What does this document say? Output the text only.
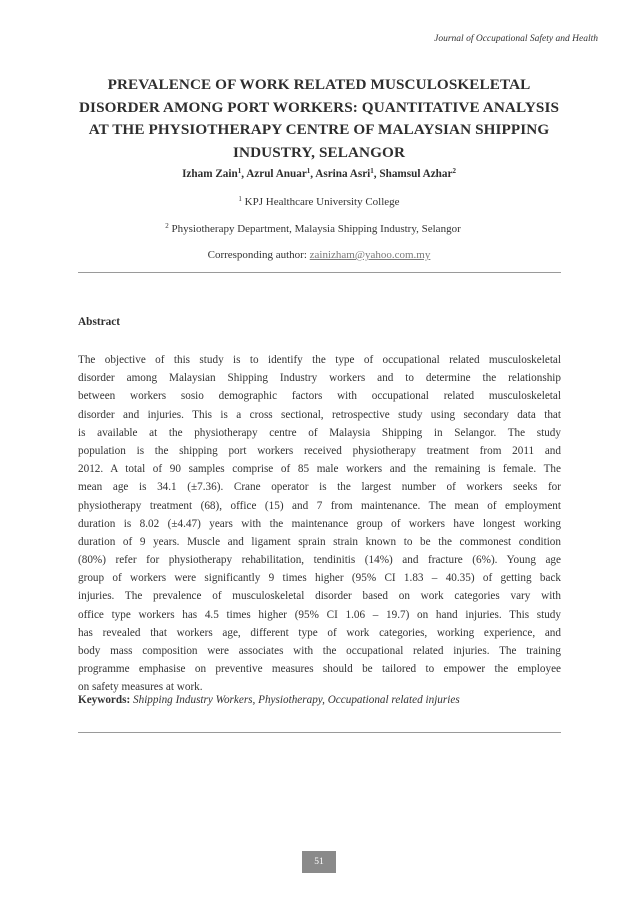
Journal of Occupational Safety and Health
PREVALENCE OF WORK RELATED MUSCULOSKELETAL
DISORDER AMONG PORT WORKERS: QUANTITATIVE ANALYSIS
AT THE PHYSIOTHERAPY CENTRE OF MALAYSIAN SHIPPING
INDUSTRY, SELANGOR
Izham Zain$^1$, Azrul Anuar$^1$, Asrina Asri$^1$, Shamsul Azhar$^2$
$^1$ KPJ Healthcare University College
$^2$ Physiotherapy Department, Malaysia Shipping Industry, Selangor
Corresponding author: zainizham@yahoo.com.my
Abstract
The objective of this study is to identify the type of occupational related musculoskeletal
disorder among Malaysian Shipping Industry workers and to determine the relationship
between workers sosio demographic factors with occupational related musculoskeletal
disorder and injuries. This is a cross sectional, retrospective study using secondary data that
is available at the physiotherapy centre of Malaysia Shipping in Selangor. The study
population is the shipping port workers received physiotherapy treatment from 2011 and
2012. A total of 90 samples comprise of 85 male workers and the remaining is female. The
mean age is 34.1 (±7.36). Crane operator is the largest number of workers seeks for
physiotherapy treatment (68), office (15) and 7 from maintenance. The mean of employment
duration is 8.02 (±4.47) years with the maintenance group of workers have longest working
duration of 9 years. Muscle and ligament sprain strain known to be the commonest condition
(80%) refer for physiotherapy rehabilitation, tendinitis (14%) and fracture (6%). Young age
group of workers were significantly 9 times higher (95% CI 1.83 – 40.35) of getting back
injuries. The prevalence of musculoskeletal disorder based on work categories vary with
office type workers has 4.5 times higher (95% CI 1.06 – 19.7) on hand injuries. This study
has revealed that workers age, different type of work categories, working experience, and
body mass composition were associates with the occupational related injuries. The training
programme emphasise on preventive measures should be tailored to empower the employee
on safety measures at work.
Keywords: Shipping Industry Workers, Physiotherapy, Occupational related injuries
51
